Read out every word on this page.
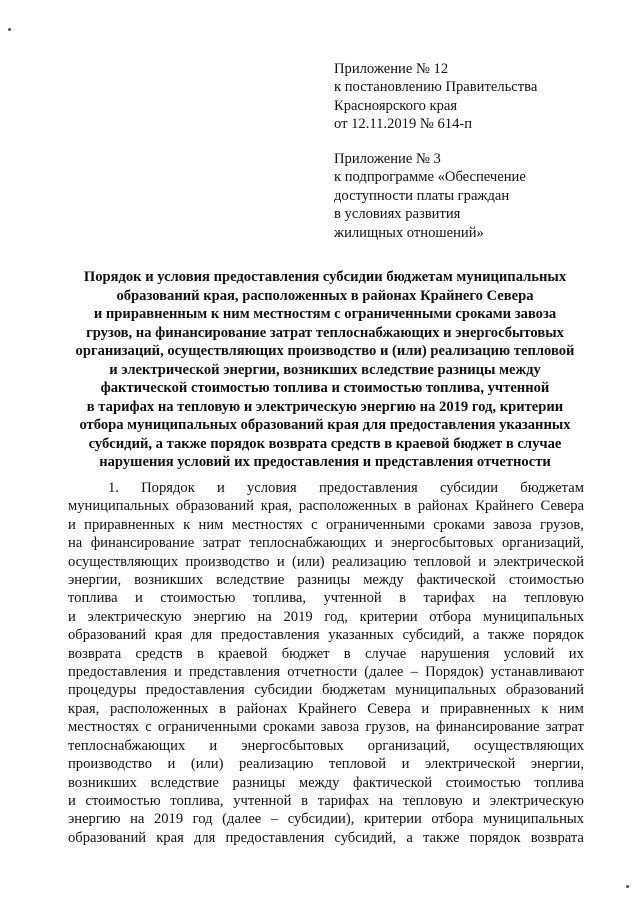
Приложение № 12
к постановлению Правительства
Красноярского края
от 12.11.2019 № 614-п
Приложение № 3
к подпрограмме «Обеспечение
доступности платы граждан
в условиях развития
жилищных отношений»
Порядок и условия предоставления субсидии бюджетам муниципальных
образований края, расположенных в районах Крайнего Севера
и приравненным к ним местностям с ограниченными сроками завоза
грузов, на финансирование затрат теплоснабжающих и энергосбытовых
организаций, осуществляющих производство и (или) реализацию тепловой
и электрической энергии, возникших вследствие разницы между
фактической стоимостью топлива и стоимостью топлива, учтенной
в тарифах на тепловую и электрическую энергию на 2019 год, критерии
отбора муниципальных образований края для предоставления указанных
субсидий, а также порядок возврата средств в краевой бюджет в случае
нарушения условий их предоставления и представления отчетности
1. Порядок и условия предоставления субсидии бюджетам
муниципальных образований края, расположенных в районах Крайнего Севера
и приравненных к ним местностях с ограниченными сроками завоза грузов,
на финансирование затрат теплоснабжающих и энергосбытовых организаций,
осуществляющих производство и (или) реализацию тепловой и электрической
энергии, возникших вследствие разницы между фактической стоимостью
топлива и стоимостью топлива, учтенной в тарифах на тепловую
и электрическую энергию на 2019 год, критерии отбора муниципальных
образований края для предоставления указанных субсидий, а также порядок
возврата средств в краевой бюджет в случае нарушения условий их
предоставления и представления отчетности (далее – Порядок) устанавливают
процедуры предоставления субсидии бюджетам муниципальных образований
края, расположенных в районах Крайнего Севера и приравненных к ним
местностях с ограниченными сроками завоза грузов, на финансирование затрат
теплоснабжающих и энергосбытовых организаций, осуществляющих
производство и (или) реализацию тепловой и электрической энергии,
возникших вследствие разницы между фактической стоимостью топлива
и стоимостью топлива, учтенной в тарифах на тепловую и электрическую
энергию на 2019 год (далее – субсидии), критерии отбора муниципальных
образований края для предоставления субсидий, а также порядок возврата
